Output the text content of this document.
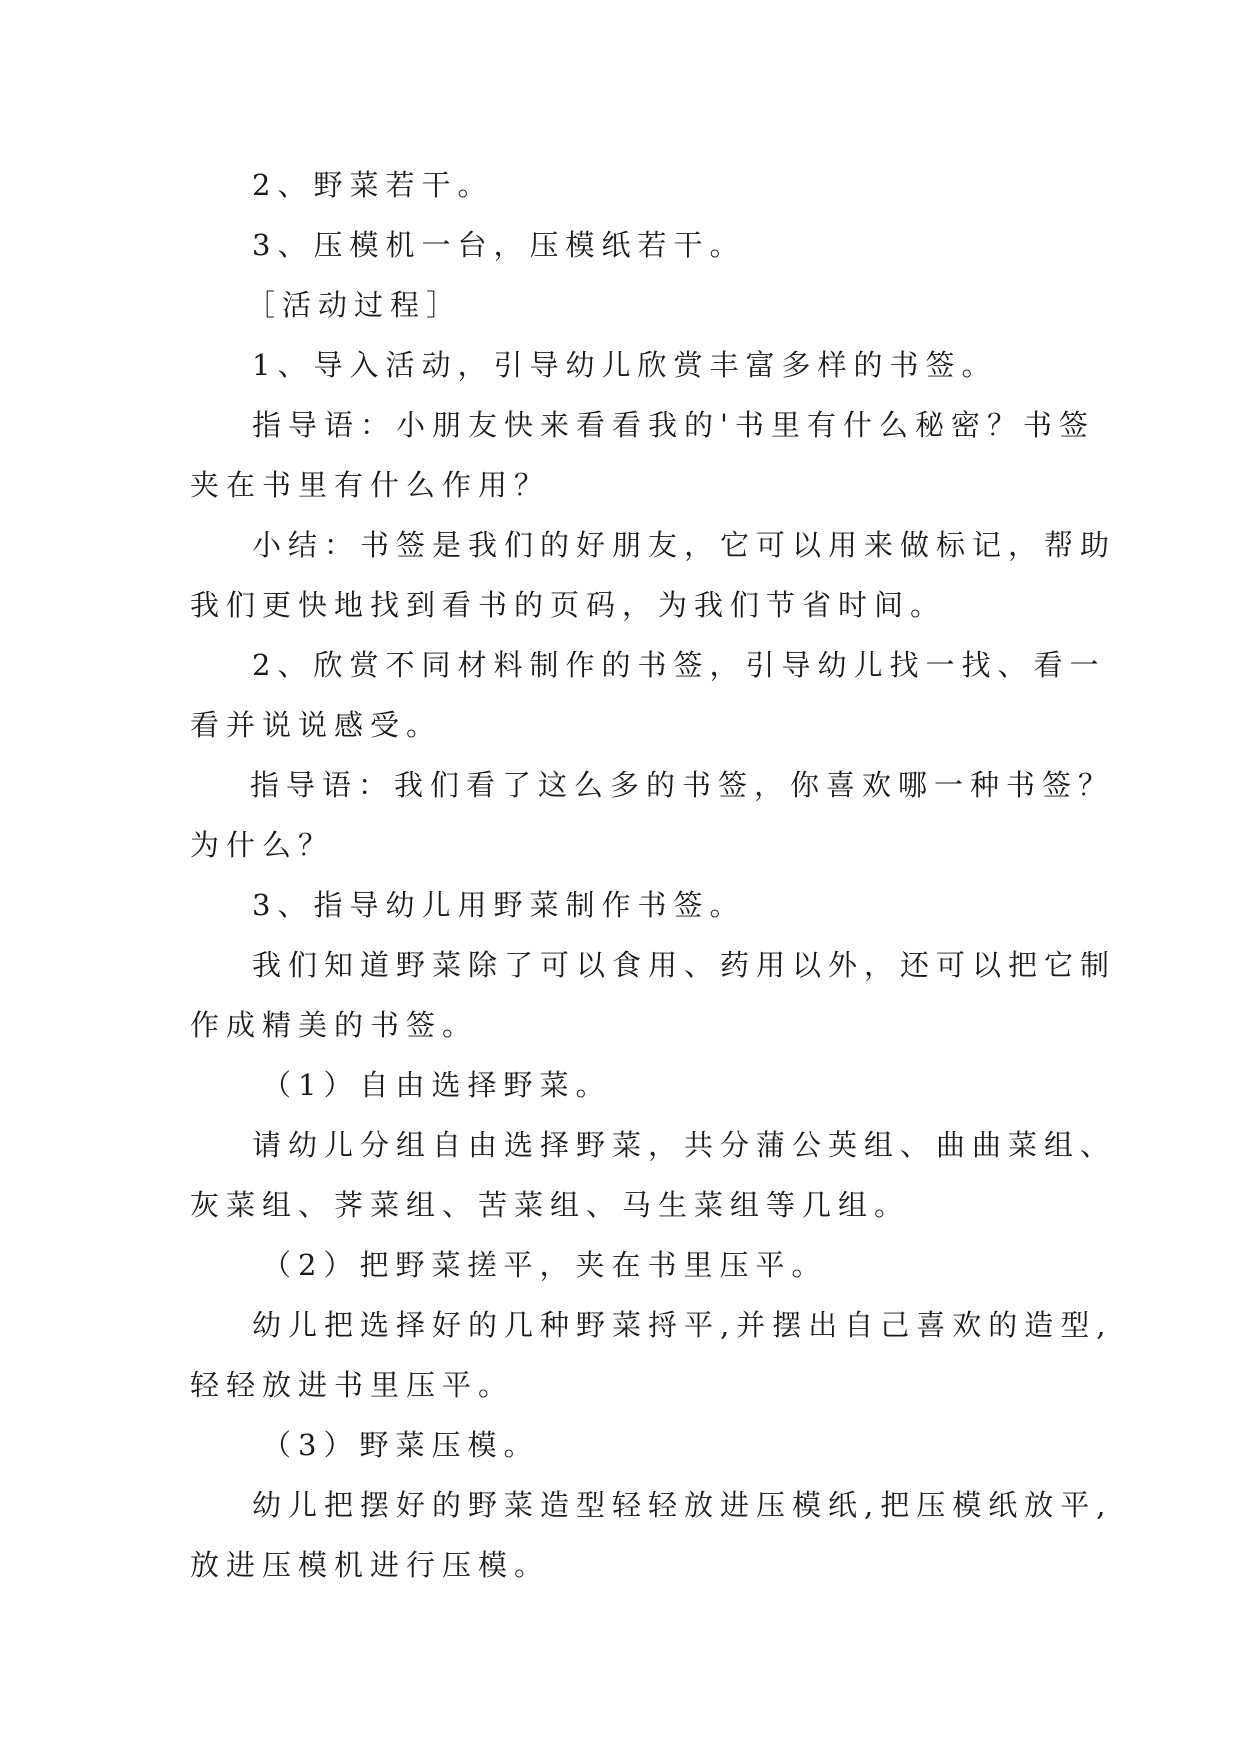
2、野菜若干。
3、压模机一台，压模纸若干。
［活动过程］
1、导入活动，引导幼儿欣赏丰富多样的书签。
指导语：小朋友快来看看我的'书里有什么秘密？书签
夹在书里有什么作用？
小结：书签是我们的好朋友，它可以用来做标记，帮助
我们更快地找到看书的页码，为我们节省时间。
2、欣赏不同材料制作的书签，引导幼儿找一找、看一
看并说说感受。
指导语：我们看了这么多的书签，你喜欢哪一种书签？
为什么？
3、指导幼儿用野菜制作书签。
我们知道野菜除了可以食用、药用以外，还可以把它制
作成精美的书签。
（1）自由选择野菜。
请幼儿分组自由选择野菜，共分蒲公英组、曲曲菜组、
灰菜组、荠菜组、苦菜组、马生菜组等几组。
（2）把野菜搓平，夹在书里压平。
幼儿把选择好的几种野菜捋平,并摆出自己喜欢的造型,
轻轻放进书里压平。
（3）野菜压模。
幼儿把摆好的野菜造型轻轻放进压模纸,把压模纸放平,
放进压模机进行压模。
